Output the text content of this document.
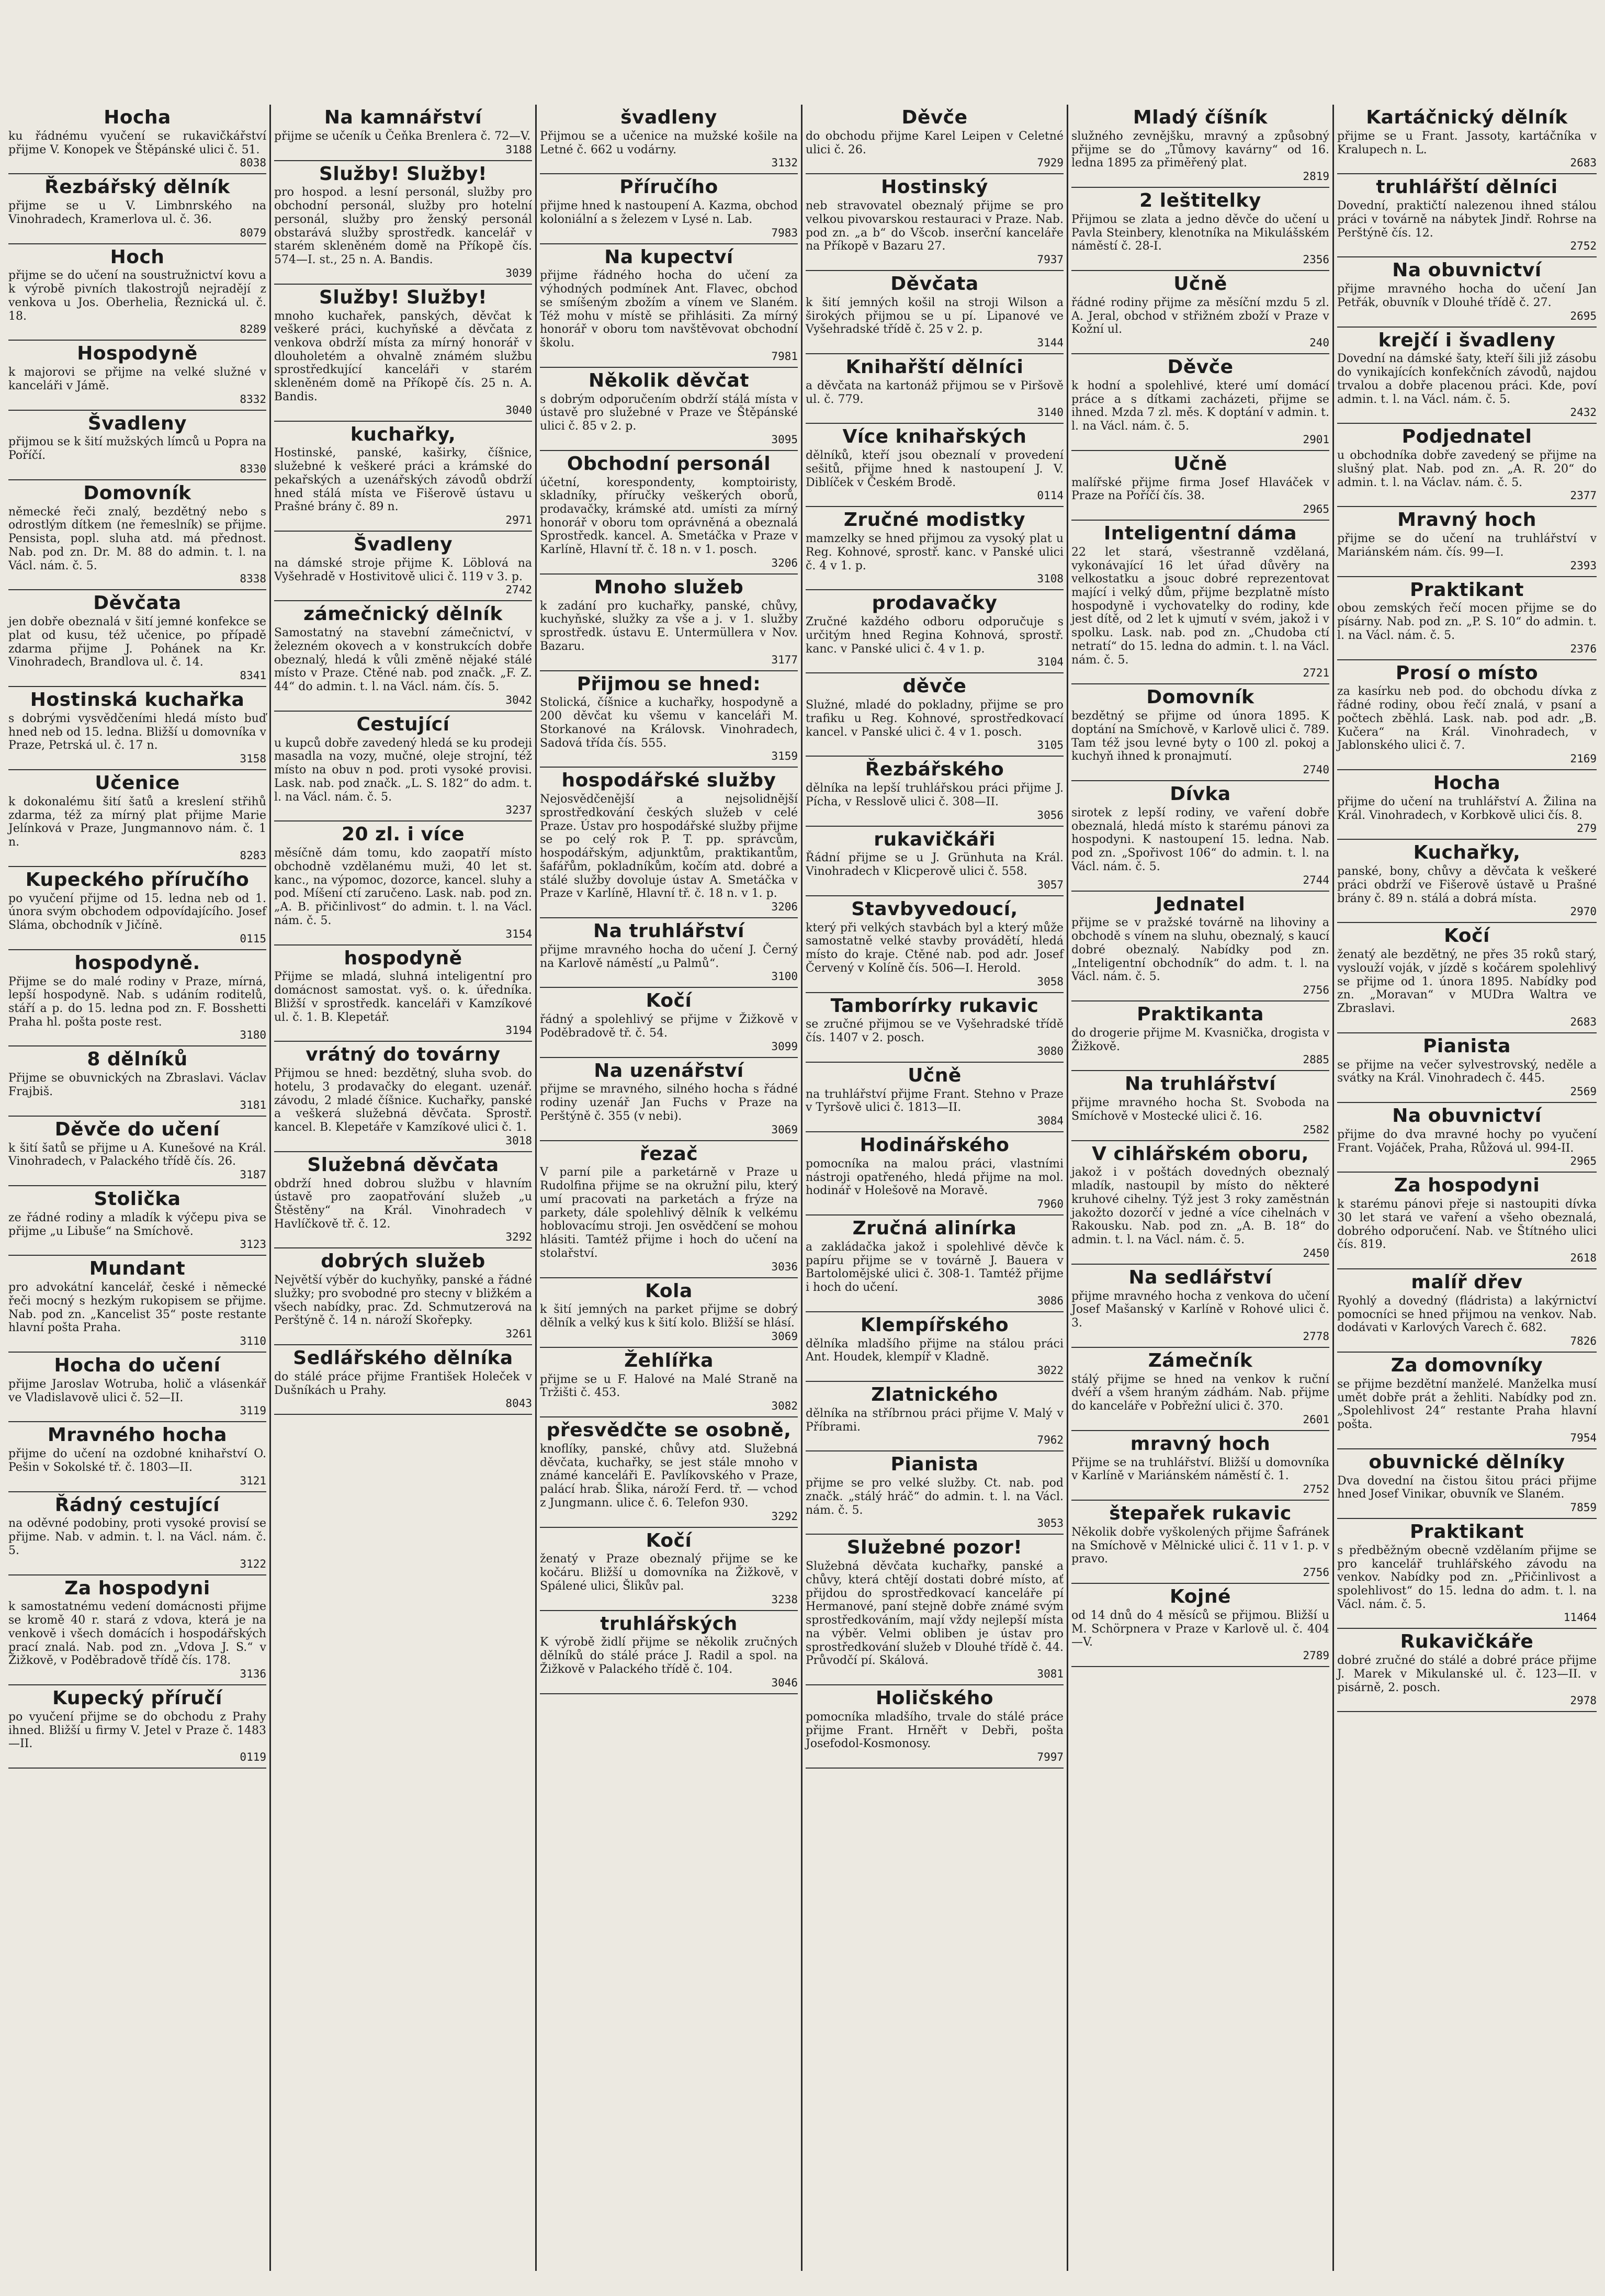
Hocha
ku řádnému vyučení se rukavičkářství přijme V. Konopek ve Štěpánské ulici č. 51.
8038
Řezbářský dělník
přijme se u V. Limbnrského na Vinohradech, Kramerlova ul. č. 36.
8079
Hoch
přijme se do učení na soustružnictví kovu a k výrobě pivních tlakostrojů nejradějí z venkova u Jos. Oberhelia, Řeznická ul. č. 18.
8289
Hospodyně
k majorovi se přijme na velké služné v kanceláři v Jámě.
8332
Švadleny
přijmou se k šití mužských límců u Popra na Poříčí.
8330
Domovník
německé řeči znalý, bezdětný nebo s odrostlým dítkem (ne řemeslník) se přijme. Pensista, popl. sluha atd. má přednost. Nab. pod zn. Dr. M. 88 do admin. t. l. na Václ. nám. č. 5.
8338
Děvčata
jen dobře obeznalá v šití jemné konfekce se plat od kusu, též učenice, po případě zdarma přijme J. Pohánek na Kr. Vinohradech, Brandlova ul. č. 14.
8341
Hostinská kuchařka
s dobrými vysvědčeními hledá místo buď hned neb od 15. ledna. Bližší u domovníka v Praze, Petrská ul. č. 17 n.
3158
Učenice
k dokonalému šití šatů a kreslení střihů zdarma, též za mírný plat přijme Marie Jelínková v Praze, Jungmannovo nám. č. 1 n.
8283
Kupeckého příručího
po vyučení přijme od 15. ledna neb od 1. února svým obchodem odpovídajícího. Josef Sláma, obchodník v Jičíně.
0115
hospodyně.
Přijme se do malé rodiny v Praze, mírná, lepší hospodyně. Nab. s udáním roditelů, stáří a p. do 15. ledna pod zn. F. Bosshetti Praha hl. pošta poste rest.
3180
8 dělníků
Přijme se obuvnických na Zbraslavi. Václav Frajbiš.
3181
Děvče do učení
k šití šatů se přijme u A. Kunešové na Král. Vinohradech, v Palackého třídě čís. 26.
3187
Stolička
ze řádné rodiny a mladík k výčepu piva se přijme „u Libuše“ na Smíchově.
3123
Mundant
pro advokátní kancelář, české i německé řeči mocný s hezkým rukopisem se přijme. Nab. pod zn. „Kancelist 35“ poste restante hlavní pošta Praha.
3110
Hocha do učení
přijme Jaroslav Wotruba, holič a vlásenkář ve Vladislavově ulici č. 52—II.
3119
Mravného hocha
přijme do učení na ozdobné knihařství O. Pešin v Sokolské tř. č. 1803—II.
3121
Řádný cestující
na oděvné podobiny, proti vysoké provisí se přijme. Nab. v admin. t. l. na Václ. nám. č. 5.
3122
Za hospodyni
k samostatnému vedení domácnosti přijme se kromě 40 r. stará z vdova, která je na venkově i všech domácích i hospodářských prací znalá. Nab. pod zn. „Vdova J. S.“ v Žižkově, v Poděbradově třídě čís. 178.
3136
Kupecký příručí
po vyučení přijme se do obchodu z Prahy ihned. Bližší u firmy V. Jetel v Praze č. 1483—II.
0119
Na kamnářství
přijme se učeník u Čeňka Brenlera č. 72—V.
3188
Služby! Služby!
pro hospod. a lesní personál, služby pro obchodní personál, služby pro hotelní personál, služby pro ženský personál obstarává služby sprostředk. kancelář v starém skleněném domě na Příkopě čís. 574—I. st., 25 n. A. Bandis.
3039
Služby! Služby!
mnoho kuchařek, panských, děvčat k veškeré práci, kuchyňské a děvčata z venkova obdrží místa za mírný honorář v dlouholetém a ohvalně známém službu sprostředkující kanceláři v starém skleněném domě na Příkopě čís. 25 n. A. Bandis.
3040
kuchařky,
Hostinské, panské, kaširky, číšnice, služebné k veškeré práci a krámské do pekařských a uzenářských závodů obdrží hned stálá místa ve Fišerově ústavu u Prašné brány č. 89 n.
2971
Švadleny
na dámské stroje přijme K. Löblová na Vyšehradě v Hostivitově ulici č. 119 v 3. p.
2742
zámečnický dělník
Samostatný na stavební zámečnictví, v železném okovech a v konstrukcích dobře obeznalý, hledá k vůli změně nějaké stálé místo v Praze. Ctěné nab. pod značk. „F. Z. 44“ do admin. t. l. na Václ. nám. čís. 5.
3042
Cestující
u kupců dobře zavedený hledá se ku prodeji masadla na vozy, mučné, oleje strojní, též místo na obuv n pod. proti vysoké provisi. Lask. nab. pod značk. „L. S. 182“ do adm. t. l. na Václ. nám. č. 5.
3237
20 zl. i více
měsíčně dám tomu, kdo zaopatří místo obchodně vzdělanému muži, 40 let st. kanc., na výpomoc, dozorce, kancel. sluhy a pod. Míšení ctí zaručeno. Lask. nab. pod zn. „A. B. přičinlivost“ do admin. t. l. na Václ. nám. č. 5.
3154
hospodyně
Přijme se mladá, sluhná inteligentní pro domácnost samostat. vyš. o. k. úředníka. Bližší v sprostředk. kanceláři v Kamzíkové ul. č. 1. B. Klepetář.
3194
vrátný do továrny
Přijmou se hned: bezdětný, sluha svob. do hotelu, 3 prodavačky do elegant. uzenář. závodu, 2 mladé číšnice. Kuchařky, panské a veškerá služebná děvčata. Sprostř. kancel. B. Klepetáře v Kamzíkové ulici č. 1.
3018
Služebná děvčata
obdrží hned dobrou službu v hlavním ústavě pro zaopatřování služeb „u Štěstěny“ na Král. Vinohradech v Havlíčkově tř. č. 12.
3292
dobrých služeb
Největší výběr do kuchyňky, panské a řádné služky; pro svobodné pro stecny v bližkém a všech nabídky, prac. Zd. Schmutzerová na Perštýně č. 14 n. nároží Skořepky.
3261
Sedlářského dělníka
do stálé práce přijme František Holeček v Dušníkách u Prahy.
8043
švadleny
Přijmou se a učenice na mužské košile na Letné č. 662 u vodárny.
3132
Příručího
přijme hned k nastoupení A. Kazma, obchod koloniální a s železem v Lysé n. Lab.
7983
Na kupectví
přijme řádného hocha do učení za výhodných podmínek Ant. Flavec, obchod se smíšeným zbožím a vínem ve Slaném. Též mohu v místě se přihlásiti. Za mírný honorář v oboru tom navštěvovat obchodní školu.
7981
Několik děvčat
s dobrým odporučením obdrží stálá místa v ústavě pro služebné v Praze ve Štěpánské ulici č. 85 v 2. p.
3095
Obchodní personál
účetní, korespondenty, komptoiristy, skladníky, příručky veškerých oborů, prodavačky, krámské atd. umísti za mírný honorář v oboru tom oprávněná a obeznalá Sprostředk. kancel. A. Smetáčka v Praze v Karlíně, Hlavní tř. č. 18 n. v 1. posch.
3206
Mnoho služeb
k zadání pro kuchařky, panské, chůvy, kuchyňské, služky za vše a j. v 1. služby sprostředk. ústavu E. Untermüllera v Nov. Bazaru.
3177
Přijmou se hned:
Stolická, číšnice a kuchařky, hospodyně a 200 děvčat ku všemu v kanceláři M. Storkanové na Královsk. Vinohradech, Sadová třída čís. 555.
3159
hospodářské služby
Nejosvědčenější a nejsolidnější sprostředkování českých služeb v celé Praze. Ústav pro hospodářské služby přijme se po celý rok P. T. pp. správcům, hospodářským, adjunktům, praktikantům, šafářům, pokladníkům, kočím atd. dobré a stálé služby dovoluje ústav A. Smetáčka v Praze v Karlíně, Hlavní tř. č. 18 n. v 1. p.
3206
Na truhlářství
přijme mravného hocha do učení J. Černý na Karlově náměstí „u Palmů“.
3100
Kočí
řádný a spolehlivý se přijme v Žižkově v Poděbradově tř. č. 54.
3099
Na uzenářství
přijme se mravného, silného hocha s řádné rodiny uzenář Jan Fuchs v Praze na Perštýně č. 355 (v nebi).
3069
řezač
V parní pile a parketárně v Praze u Rudolfina přijme se na okružní pilu, který umí pracovati na parketách a frýze na parkety, dále spolehlivý dělník k velkému hoblovacímu stroji. Jen osvědčení se mohou hlásiti. Tamtéž přijme i hoch do učení na stolařství.
3036
Kola
k šití jemných na parket přijme se dobrý dělník a velký kus k šití kolo. Bližší se hlásí.
3069
Žehlířka
přijme se u F. Halové na Malé Straně na Tržišti č. 453.
3082
přesvědčte se osobně,
knoflíky, panské, chůvy atd. Služebná děvčata, kuchařky, se jest stále mnoho v známé kanceláři E. Pavlíkovského v Praze, palácí hrab. Šlika, nároží Ferd. tř. — vchod z Jungmann. ulice č. 6. Telefon 930.
3292
Kočí
ženatý v Praze obeznalý přijme se ke kočáru. Bližší u domovníka na Žižkově, v Spálené ulici, Šlikův pal.
3238
truhlářských
K výrobě židlí přijme se několik zručných dělníků do stálé práce J. Radil a spol. na Žižkově v Palackého třídě č. 104.
3046
Děvče
do obchodu přijme Karel Leipen v Celetné ulici č. 26.
7929
Hostinský
neb stravovatel obeznalý přijme se pro velkou pivovarskou restauraci v Praze. Nab. pod zn. „a b“ do Všcob. inserční kanceláře na Příkopě v Bazaru 27.
7937
Děvčata
k šití jemných košil na stroji Wilson a širokých přijmou se u pí. Lipanové ve Vyšehradské třídě č. 25 v 2. p.
3144
Knihařští dělníci
a děvčata na kartonáž přijmou se v Piršově ul. č. 779.
3140
Více knihařských
dělníků, kteří jsou obeznalí v provedení sešitů, přijme hned k nastoupení J. V. Diblíček v Českém Brodě.
0114
Zručné modistky
mamzelky se hned přijmou za vysoký plat u Reg. Kohnové, sprostř. kanc. v Panské ulici č. 4 v 1. p.
3108
prodavačky
Zručné každého odboru odporučuje s určitým hned Regina Kohnová, sprostř. kanc. v Panské ulici č. 4 v 1. p.
3104
děvče
Služné, mladé do pokladny, přijme se pro trafiku u Reg. Kohnové, sprostředkovací kancel. v Panské ulici č. 4 v 1. posch.
3105
Řezbářského
dělníka na lepší truhlářskou práci přijme J. Pícha, v Resslově ulici č. 308—II.
3056
rukavičkáři
Řádní přijme se u J. Grünhuta na Král. Vinohradech v Klicperově ulici č. 558.
3057
Stavbyvedoucí,
který při velkých stavbách byl a který může samostatně velké stavby provádětí, hledá místo do kraje. Ctěné nab. pod adr. Josef Červený v Kolíně čís. 506—I. Herold.
3058
Tamborírky rukavic
se zručné přijmou se ve Vyšehradské třídě čís. 1407 v 2. posch.
3080
Učně
na truhlářství přijme Frant. Stehno v Praze v Tyršově ulici č. 1813—II.
3084
Hodinářského
pomocníka na malou práci, vlastními nástroji opatřeného, hledá přijme na mol. hodinář v Holešově na Moravě.
7960
Zručná alinírka
a zakládačka jakož i spolehlivé děvče k papíru přijme se v továrně J. Bauera v Bartolomějské ulici č. 308-1. Tamtéž přijme i hoch do učení.
3086
Klempířského
dělníka mladšího přijme na stálou práci Ant. Houdek, klempíř v Kladně.
3022
Zlatnického
dělníka na stříbrnou práci přijme V. Malý v Příbrami.
7962
Pianista
přijme se pro velké služby. Ct. nab. pod značk. „stálý hráč“ do admin. t. l. na Václ. nám. č. 5.
3053
Služebné pozor!
Služebná děvčata kuchařky, panské a chůvy, která chtějí dostati dobré místo, ať přijdou do sprostředkovací kanceláře pí Hermanové, paní stejně dobře známé svým sprostředkováním, mají vždy nejlepší místa na výběr. Velmi obliben je ústav pro sprostředkování služeb v Dlouhé třídě č. 44. Průvodčí pí. Skálová.
3081
Holičského
pomocníka mladšího, trvale do stálé práce přijme Frant. Hrněřt v Debři, pošta Josefodol-Kosmonosy.
7997
Mladý číšník
služného zevnějšku, mravný a způsobný přijme se do „Tůmovy kavárny“ od 16. ledna 1895 za přiměřený plat.
2819
2 leštitelky
Přijmou se zlata a jedno děvče do učení u Pavla Steinbery, klenotníka na Mikulášském náměstí č. 28-I.
2356
Učně
řádné rodiny přijme za měsíční mzdu 5 zl. A. Jeral, obchod v střižném zboží v Praze v Kožní ul.
240
Děvče
k hodní a spolehlivé, které umí domácí práce a s dítkami zacházeti, přijme se ihned. Mzda 7 zl. měs. K doptání v admin. t. l. na Václ. nám. č. 5.
2901
Učně
malířské přijme firma Josef Hlaváček v Praze na Poříčí čís. 38.
2965
Inteligentní dáma
22 let stará, všestranně vzdělaná, vykonávající 16 let úřad důvěry na velkostatku a jsouc dobré reprezentovat mající i velký dům, přijme bezplatně místo hospodyně i vychovatelky do rodiny, kde jest dítě, od 2 let k ujmutí v svém, jakož i v spolku. Lask. nab. pod zn. „Chudoba ctí netratí“ do 15. ledna do admin. t. l. na Václ. nám. č. 5.
2721
Domovník
bezdětný se přijme od února 1895. K doptání na Smíchově, v Karlově ulici č. 789. Tam též jsou levné byty o 100 zl. pokoj a kuchyň ihned k pronajmutí.
2740
Dívka
sirotek z lepší rodiny, ve vaření dobře obeznalá, hledá místo k starému pánovi za hospodyni. K nastoupení 15. ledna. Nab. pod zn. „Spořivost 106“ do admin. t. l. na Václ. nám. č. 5.
2744
Jednatel
přijme se v pražské továrně na lihoviny a obchodě s vínem na sluhu, obeznalý, s kaucí dobré obeznalý. Nabídky pod zn. „Inteligentní obchodník“ do adm. t. l. na Václ. nám. č. 5.
2756
Praktikanta
do drogerie přijme M. Kvasnička, drogista v Žižkově.
2885
Na truhlářství
přijme mravného hocha St. Svoboda na Smíchově v Mostecké ulici č. 16.
2582
V cihlářském oboru,
jakož i v poštách dovedných obeznalý mladík, nastoupil by místo do některé kruhové cihelny. Týž jest 3 roky zaměstnán jakožto dozorčí v jedné a více cihelnách v Rakousku. Nab. pod zn. „A. B. 18“ do admin. t. l. na Václ. nám. č. 5.
2450
Na sedlářství
přijme mravného hocha z venkova do učení Josef Mašanský v Karlíně v Rohové ulici č. 3.
2778
Zámečník
stálý přijme se hned na venkov k ruční dvéří a všem hraným zádhám. Nab. přijme do kanceláře v Pobřežní ulici č. 370.
2601
mravný hoch
Přijme se na truhlářství. Bližší u domovníka v Karlíně v Mariánském náměstí č. 1.
2752
štepařek rukavic
Několik dobře vyškolených přijme Šafránek na Smíchově v Mělnické ulici č. 11 v 1. p. v pravo.
2756
Kojné
od 14 dnů do 4 měsíců se přijmou. Bližší u M. Schörpnera v Praze v Karlově ul. č. 404—V.
2789
Kartáčnický dělník
přijme se u Frant. Jassoty, kartáčníka v Kralupech n. L.
2683
truhlářští dělníci
Dovední, praktičtí nalezenou ihned stálou práci v továrně na nábytek Jindř. Rohrse na Perštýně čís. 12.
2752
Na obuvnictví
přijme mravného hocha do učení Jan Petřák, obuvník v Dlouhé třídě č. 27.
2695
krejčí i švadleny
Dovední na dámské šaty, kteří šili již zásobu do vynikajících konfekčních závodů, najdou trvalou a dobře placenou práci. Kde, poví admin. t. l. na Václ. nám. č. 5.
2432
Podjednatel
u obchodníka dobře zavedený se přijme na slušný plat. Nab. pod zn. „A. R. 20“ do admin. t. l. na Václav. nám. č. 5.
2377
Mravný hoch
přijme se do učení na truhlářství v Mariánském nám. čís. 99—I.
2393
Praktikant
obou zemských řečí mocen přijme se do písárny. Nab. pod zn. „P. S. 10“ do admin. t. l. na Václ. nám. č. 5.
2376
Prosí o místo
za kasírku neb pod. do obchodu dívka z řádné rodiny, obou řečí znalá, v psaní a počtech zběhlá. Lask. nab. pod adr. „B. Kučera“ na Král. Vinohradech, v Jablonského ulici č. 7.
2169
Hocha
přijme do učení na truhlářství A. Žilina na Král. Vinohradech, v Korbkově ulici čís. 8.
279
Kuchařky,
panské, bony, chůvy a děvčata k veškeré práci obdrží ve Fišerově ústavě u Prašné brány č. 89 n. stálá a dobrá místa.
2970
Kočí
ženatý ale bezdětný, ne přes 35 roků starý, vyslouží voják, v jízdě s kočárem spolehlivý se přijme od 1. února 1895. Nabídky pod zn. „Moravan“ v MUDra Waltra ve Zbraslavi.
2683
Pianista
se přijme na večer sylvestrovský, neděle a svátky na Král. Vinohradech č. 445.
2569
Na obuvnictví
přijme do dva mravné hochy po vyučení Frant. Vojáček, Praha, Růžová ul. 994-II.
2965
Za hospodyni
k starému pánovi přeje si nastoupiti dívka 30 let stará ve vaření a všeho obeznalá, dobrého odporučení. Nab. ve Štítného ulici čís. 819.
2618
malíř dřev
Ryohlý a dovedný (fládrista) a lakýrnictví pomocníci se hned přijmou na venkov. Nab. dodávati v Karlových Varech č. 682.
7826
Za domovníky
se přijme bezdětní manželé. Manželka musí umět dobře prát a žehliti. Nabídky pod zn. „Spolehlivost 24“ restante Praha hlavní pošta.
7954
obuvnické dělníky
Dva dovední na čistou šitou práci přijme hned Josef Vinikar, obuvník ve Slaném.
7859
Praktikant
s předběžným obecně vzdělaním přijme se pro kancelář truhlářského závodu na venkov. Nabídky pod zn. „Přičinlivost a spolehlivost“ do 15. ledna do adm. t. l. na Václ. nám. č. 5.
11464
Rukavičkáře
dobré zručné do stálé a dobré práce přijme J. Marek v Mikulanské ul. č. 123—II. v pisárně, 2. posch.
2978
